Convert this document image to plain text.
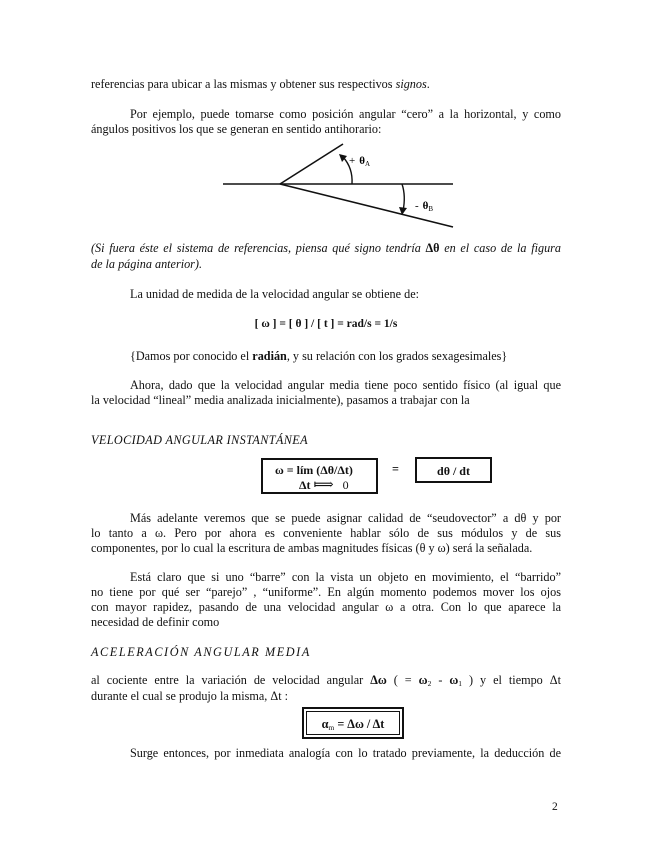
referencias para ubicar a las mismas y obtener sus respectivos signos.
Por ejemplo, puede tomarse como posición angular “cero” a la horizontal, y como
ángulos positivos los que se generan en sentido antihorario:
+ θA
- θB
(Si fuera éste el sistema de referencias, piensa qué signo tendría Δθ en el caso de la figura
de la página anterior).
La unidad de medida de la velocidad angular se obtiene de:
[ ω ] = [ θ ] / [ t ] = rad/s = 1/s
{Damos por conocido el radián, y su relación con los grados sexagesimales}
Ahora, dado que la velocidad angular media tiene poco sentido físico (al igual que
la velocidad “lineal” media analizada inicialmente), pasamos a trabajar con la
VELOCIDAD ANGULAR INSTANTÁNEA
ω = lím (Δθ/Δt)
Δt ⟾ 0
=	dθ / dt
Más adelante veremos que se puede asignar calidad de “seudovector” a dθ y por
lo tanto a ω. Pero por ahora es conveniente hablar sólo de sus módulos y de sus
componentes, por lo cual la escritura de ambas magnitudes físicas (θ y ω) será la señalada.
Está claro que si uno “barre” con la vista un objeto en movimiento, el “barrido”
no tiene por qué ser “parejo” , “uniforme”. En algún momento podemos mover los ojos
con mayor rapidez, pasando de una velocidad angular ω a otra. Con lo que aparece la
necesidad de definir como
ACELERACIÓN ANGULAR MEDIA
al cociente entre la variación de velocidad angular Δω ( = $\omega_2 - \omega_1$ ) y el tiempo Δt
durante el cual se produjo la misma, Δt :
$\alpha_m = \Delta\omega / \Delta t$
Surge entonces, por inmediata analogía con lo tratado previamente, la deducción de
2
